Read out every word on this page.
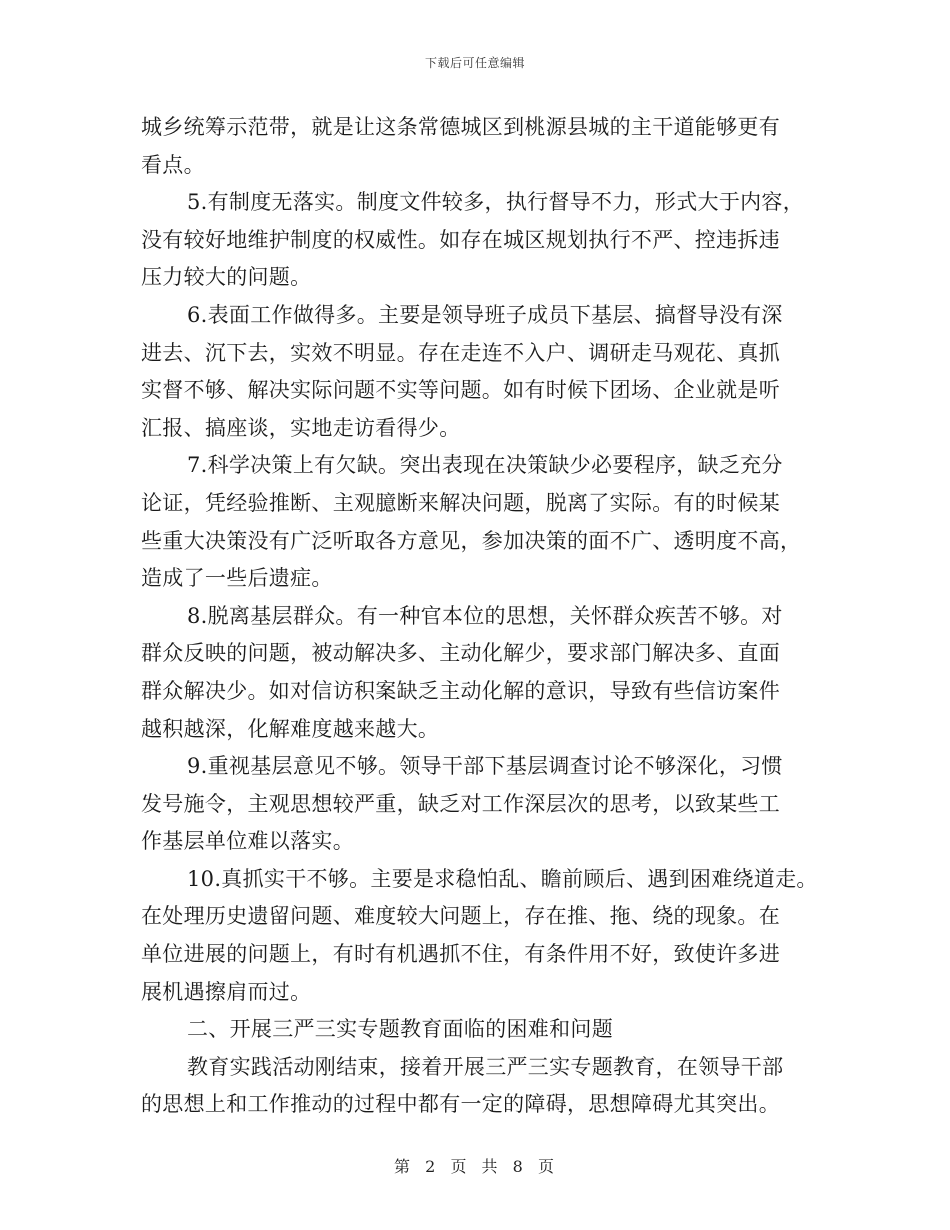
下载后可任意编辑
城乡统筹示范带，就是让这条常德城区到桃源县城的主干道能够更有
看点。
5.有制度无落实。制度文件较多，执行督导不力，形式大于内容，
没有较好地维护制度的权威性。如存在城区规划执行不严、控违拆违
压力较大的问题。
6.表面工作做得多。主要是领导班子成员下基层、搞督导没有深
进去、沉下去，实效不明显。存在走连不入户、调研走马观花、真抓
实督不够、解决实际问题不实等问题。如有时候下团场、企业就是听
汇报、搞座谈，实地走访看得少。
7.科学决策上有欠缺。突出表现在决策缺少必要程序，缺乏充分
论证，凭经验推断、主观臆断来解决问题，脱离了实际。有的时候某
些重大决策没有广泛听取各方意见，参加决策的面不广、透明度不高，
造成了一些后遗症。
8.脱离基层群众。有一种官本位的思想，关怀群众疾苦不够。对
群众反映的问题，被动解决多、主动化解少，要求部门解决多、直面
群众解决少。如对信访积案缺乏主动化解的意识，导致有些信访案件
越积越深，化解难度越来越大。
9.重视基层意见不够。领导干部下基层调查讨论不够深化，习惯
发号施令，主观思想较严重，缺乏对工作深层次的思考，以致某些工
作基层单位难以落实。
10.真抓实干不够。主要是求稳怕乱、瞻前顾后、遇到困难绕道走。
在处理历史遗留问题、难度较大问题上，存在推、拖、绕的现象。在
单位进展的问题上，有时有机遇抓不住，有条件用不好，致使许多进
展机遇擦肩而过。
二、开展三严三实专题教育面临的困难和问题
教育实践活动刚结束，接着开展三严三实专题教育，在领导干部
的思想上和工作推动的过程中都有一定的障碍，思想障碍尤其突出。
第 2 页 共 8 页
